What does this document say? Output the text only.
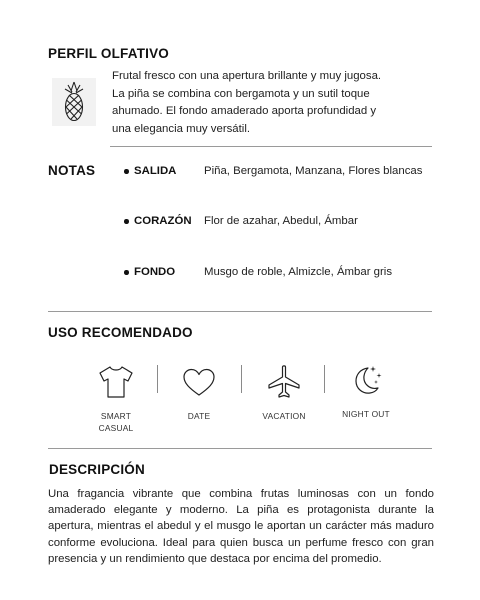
PERFIL OLFATIVO
Frutal fresco con una apertura brillante y muy jugosa.
La piña se combina con bergamota y un sutil toque
ahumado. El fondo amaderado aporta profundidad y
una elegancia muy versátil.
NOTAS	SALIDA Piña, Bergamota, Manzana, Flores blancas
CORAZÓN Flor de azahar, Abedul, Ámbar
FONDO	Musgo de roble, Almizcle, Ámbar gris
USO RECOMENDADO
SMART
CASUAL
DATE	VACATION	NIGHT OUT
DESCRIPCIÓN
Una fragancia vibrante que combina frutas luminosas con un fondo amaderado elegante y moderno. La piña es protagonista durante la apertura, mientras el abedul y el musgo le aportan un carácter más maduro conforme evoluciona. Ideal para quien busca un perfume fresco con gran presencia y un rendimiento que destaca por encima del promedio.
